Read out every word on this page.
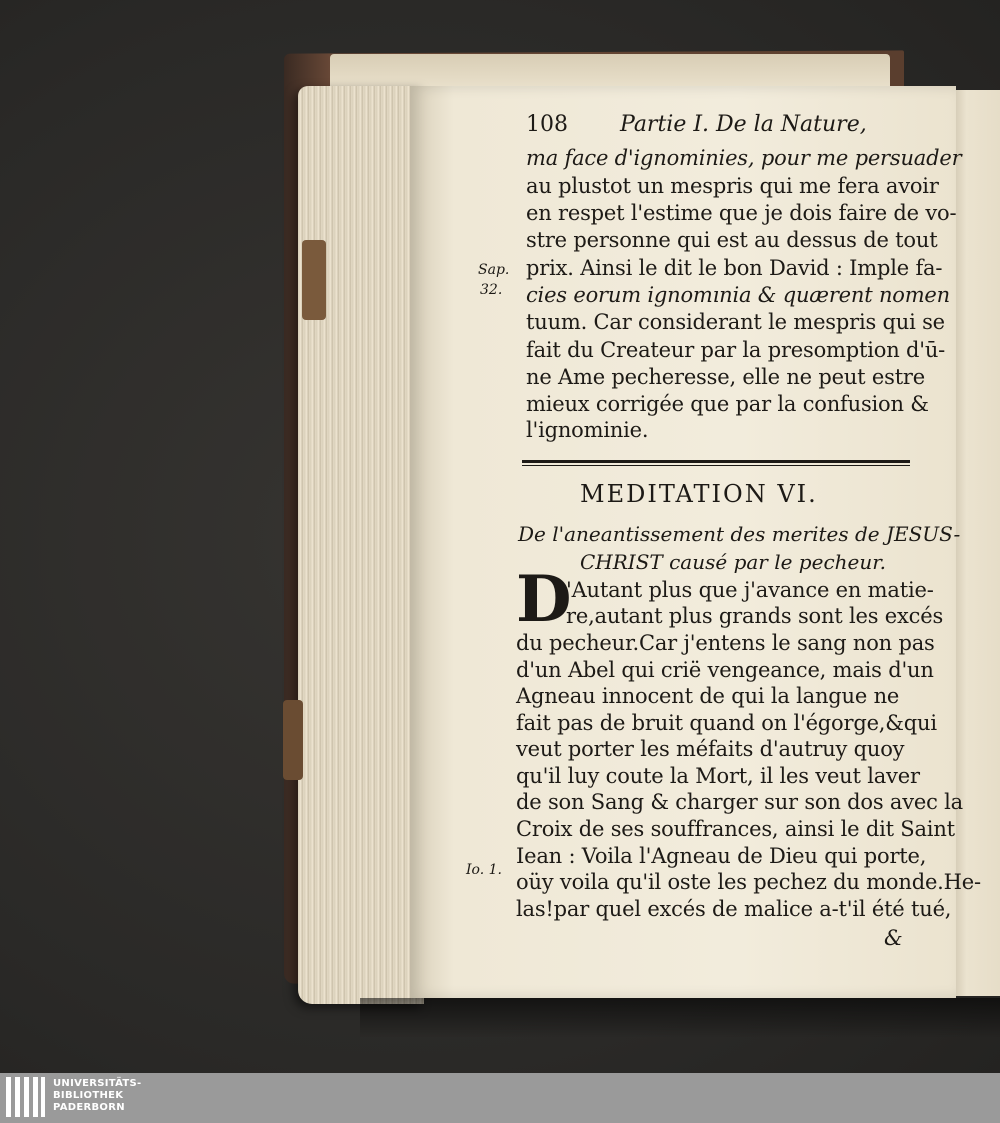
108 Partie I. De la Nature,
Sap.
32.
Io. 1.
ma face d'ignominies, pour me persuader
au plustot un mespris qui me fera avoir
en respet l'estime que je dois faire de vo-
stre personne qui est au dessus de tout
prix. Ainsi le dit le bon David : Imple fa-
cies eorum ignomınia & quærent nomen
tuum. Car considerant le mespris qui se
fait du Createur par la presomption d'ū-
ne Ame pecheresse, elle ne peut estre
mieux corrigée que par la confusion &
l'ignominie.
MEDITATION VI.
De l'aneantissement des merites de JESUS-
CHRIST causé par le pecheur.
D
'Autant plus que j'avance en matie-
re,autant plus grands sont les excés
du pecheur.Car j'entens le sang non pas
d'un Abel qui crië vengeance, mais d'un
Agneau innocent de qui la langue ne
fait pas de bruit quand on l'égorge,&qui
veut porter les méfaits d'autruy quoy
qu'il luy coute la Mort, il les veut laver
de son Sang & charger sur son dos avec la
Croix de ses souffrances, ainsi le dit Saint
Iean : Voila l'Agneau de Dieu qui porte,
oüy voila qu'il oste les pechez du monde.He-
las!par quel excés de malice a-t'il été tué,
&
UNIVERSITÄTS-
BIBLIOTHEK
PADERBORN
